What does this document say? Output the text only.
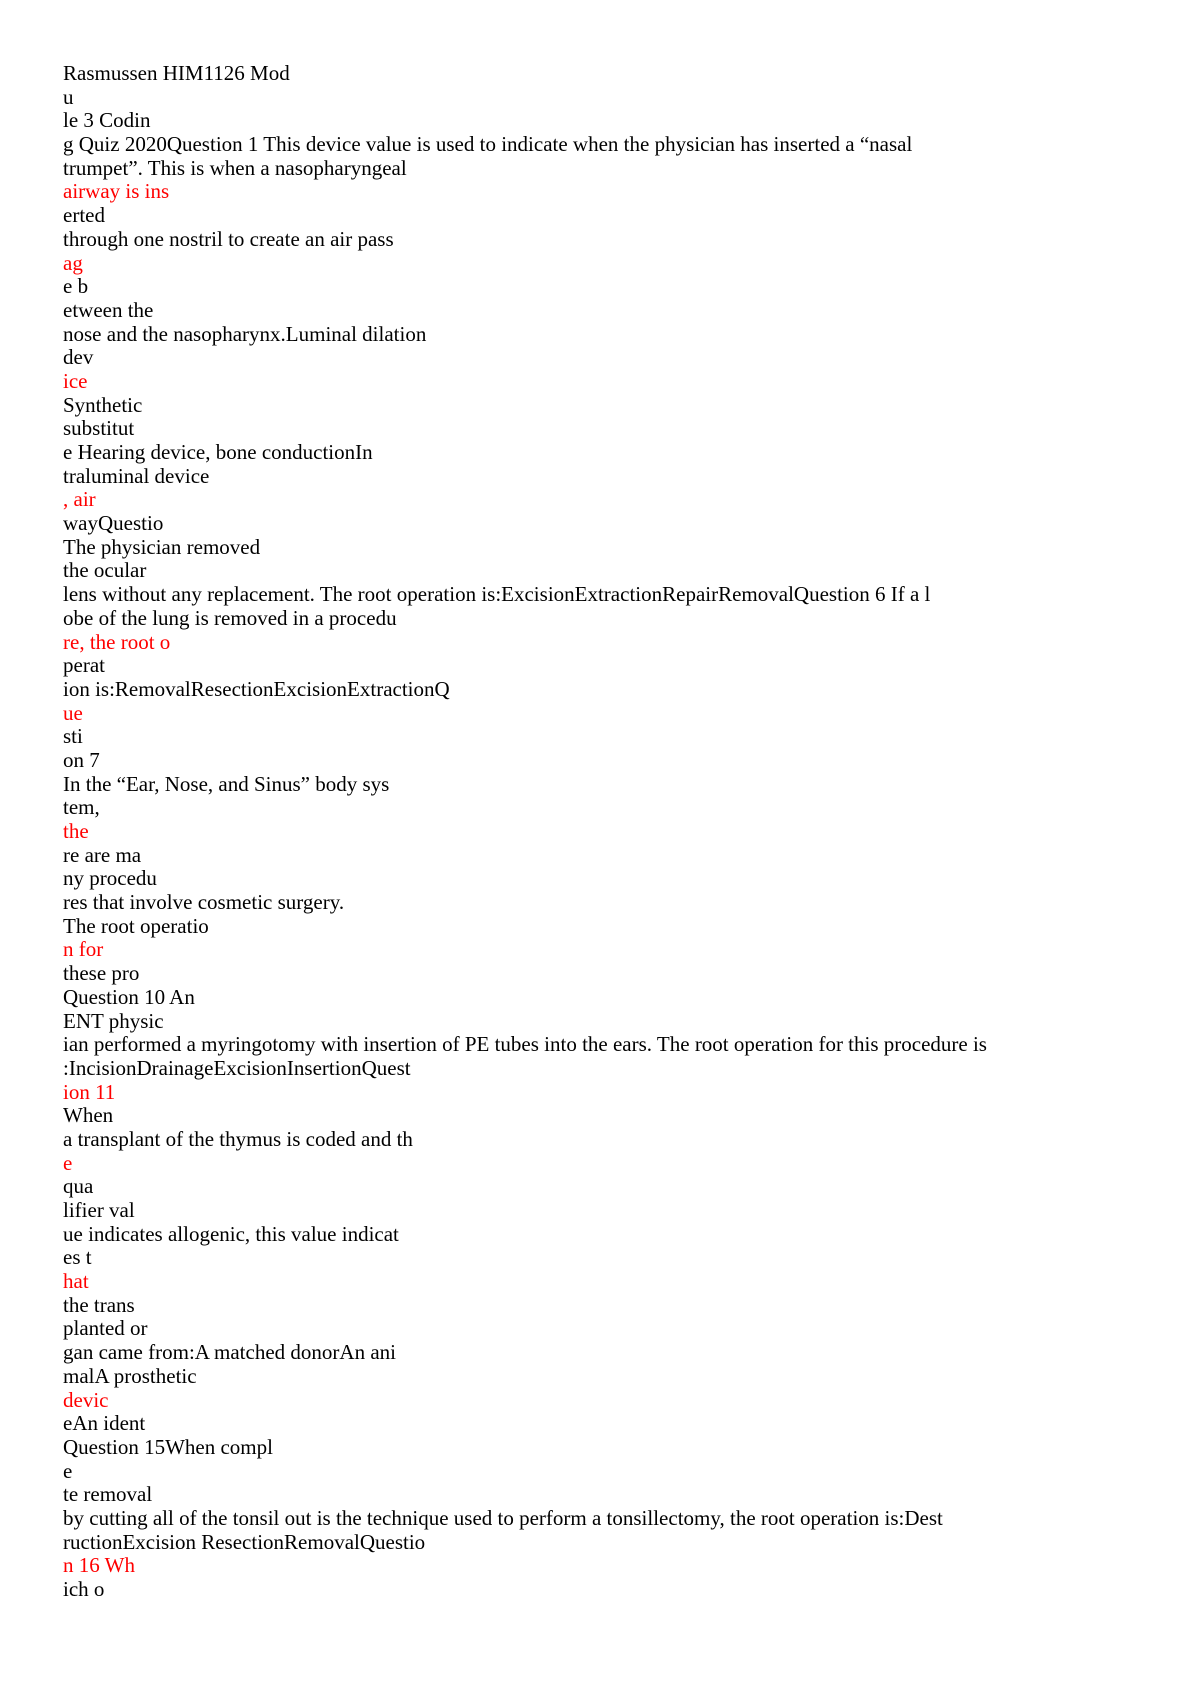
Rasmussen HIM1126 Mod
u
le 3 Codin
g Quiz 2020Question 1 This device value is used to indicate when the physician has inserted a “nasal
trumpet”. This is when a nasopharyngeal
airway is ins
erted
through one nostril to create an air pass
ag
e b
etween the
nose and the nasopharynx.Luminal dilation
dev
ice
Synthetic
substitut
e Hearing device, bone conductionIn
traluminal device
, air
wayQuestio
The physician removed
the ocular
lens without any replacement. The root operation is:ExcisionExtractionRepairRemovalQuestion 6 If a l
obe of the lung is removed in a procedu
re, the root o
perat
ion is:RemovalResectionExcisionExtractionQ
ue
sti
on 7
In the “Ear, Nose, and Sinus” body sys
tem,
the
re are ma
ny procedu
res that involve cosmetic surgery.
The root operatio
n for
these pro
Question 10 An
ENT physic
ian performed a myringotomy with insertion of PE tubes into the ears. The root operation for this procedure is
:IncisionDrainageExcisionInsertionQuest
ion 11
When
a transplant of the thymus is coded and th
e
qua
lifier val
ue indicates allogenic, this value indicat
es t
hat
the trans
planted or
gan came from:A matched donorAn ani
malA prosthetic
devic
eAn ident
Question 15When compl
e
te removal
by cutting all of the tonsil out is the technique used to perform a tonsillectomy, the root operation is:Dest
ructionExcision ResectionRemovalQuestio
n 16 Wh
ich o
